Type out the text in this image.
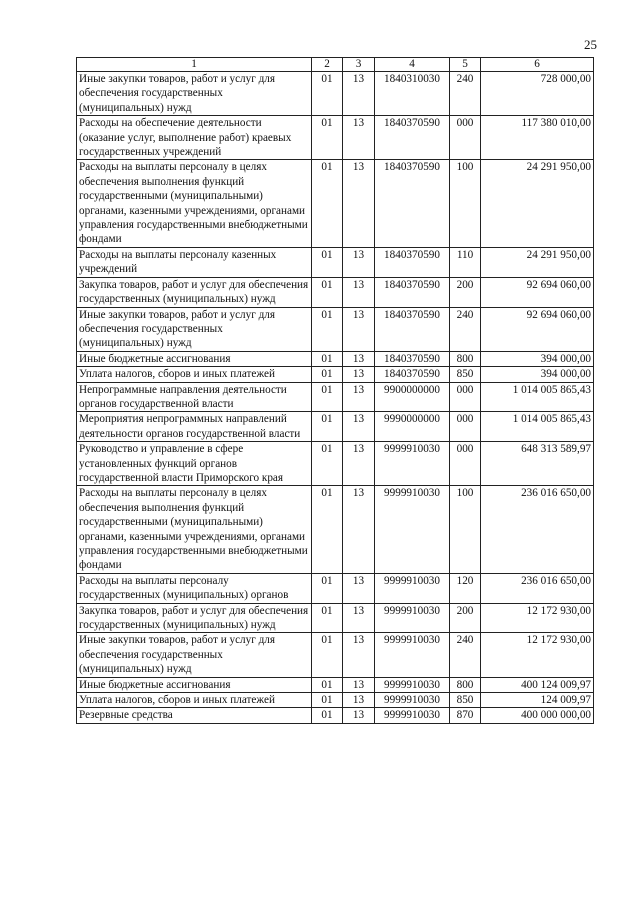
25
1	2	3	4	5	6
Иные закупки товаров, работ и услуг для обеспечения государственных (муниципальных) нужд	01	13	1840310030	240	728 000,00
Расходы на обеспечение деятельности (оказание услуг, выполнение работ) краевых государственных учреждений	01	13	1840370590	000	117 380 010,00
Расходы на выплаты персоналу в целях обеспечения выполнения функций государственными (муниципальными) органами, казенными учреждениями, органами управления государственными внебюджетными фондами	01	13	1840370590	100	24 291 950,00
Расходы на выплаты персоналу казенных учреждений	01	13	1840370590	110	24 291 950,00
Закупка товаров, работ и услуг для обеспечения государственных (муниципальных) нужд	01	13	1840370590	200	92 694 060,00
Иные закупки товаров, работ и услуг для обеспечения государственных (муниципальных) нужд	01	13	1840370590	240	92 694 060,00
Иные бюджетные ассигнования	01	13	1840370590	800	394 000,00
Уплата налогов, сборов и иных платежей	01	13	1840370590	850	394 000,00
Непрограммные направления деятельности органов государственной власти	01	13	9900000000	000	1 014 005 865,43
Мероприятия непрограммных направлений деятельности органов государственной власти	01	13	9990000000	000	1 014 005 865,43
Руководство и управление в сфере установленных функций органов государственной власти Приморского края	01	13	9999910030	000	648 313 589,97
Расходы на выплаты персоналу в целях обеспечения выполнения функций государственными (муниципальными) органами, казенными учреждениями, органами управления государственными внебюджетными фондами	01	13	9999910030	100	236 016 650,00
Расходы на выплаты персоналу государственных (муниципальных) органов	01	13	9999910030	120	236 016 650,00
Закупка товаров, работ и услуг для обеспечения государственных (муниципальных) нужд	01	13	9999910030	200	12 172 930,00
Иные закупки товаров, работ и услуг для обеспечения государственных (муниципальных) нужд	01	13	9999910030	240	12 172 930,00
Иные бюджетные ассигнования	01	13	9999910030	800	400 124 009,97
Уплата налогов, сборов и иных платежей	01	13	9999910030	850	124 009,97
Резервные средства	01	13	9999910030	870	400 000 000,00
